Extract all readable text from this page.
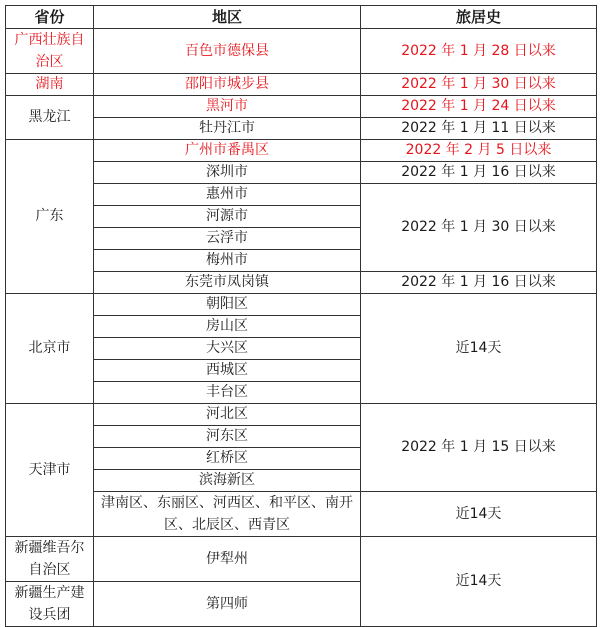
省份	地区	旅居史
广西壮族自治区	百色市德保县	2022 年 1 月 28 日以来
湖南	邵阳市城步县	2022 年 1 月 30 日以来
黑龙江	黑河市	2022 年 1 月 24 日以来
	牡丹江市	2022 年 1 月 11 日以来
广东	广州市番禺区	2022 年 2 月 5 日以来
	深圳市	2022 年 1 月 16 日以来
	惠州市	2022 年 1 月 30 日以来
	河源市	
	云浮市	
	梅州市	
	东莞市凤岗镇	2022 年 1 月 16 日以来
北京市	朝阳区	近14天
	房山区	
	大兴区	
	西城区	
	丰台区	
天津市	河北区	2022 年 1 月 15 日以来
	河东区	
	红桥区	
	滨海新区	
	津南区、东丽区、河西区、和平区、南开区、北辰区、西青区	近14天
新疆维吾尔自治区	伊犁州	近14天
新疆生产建设兵团	第四师	
